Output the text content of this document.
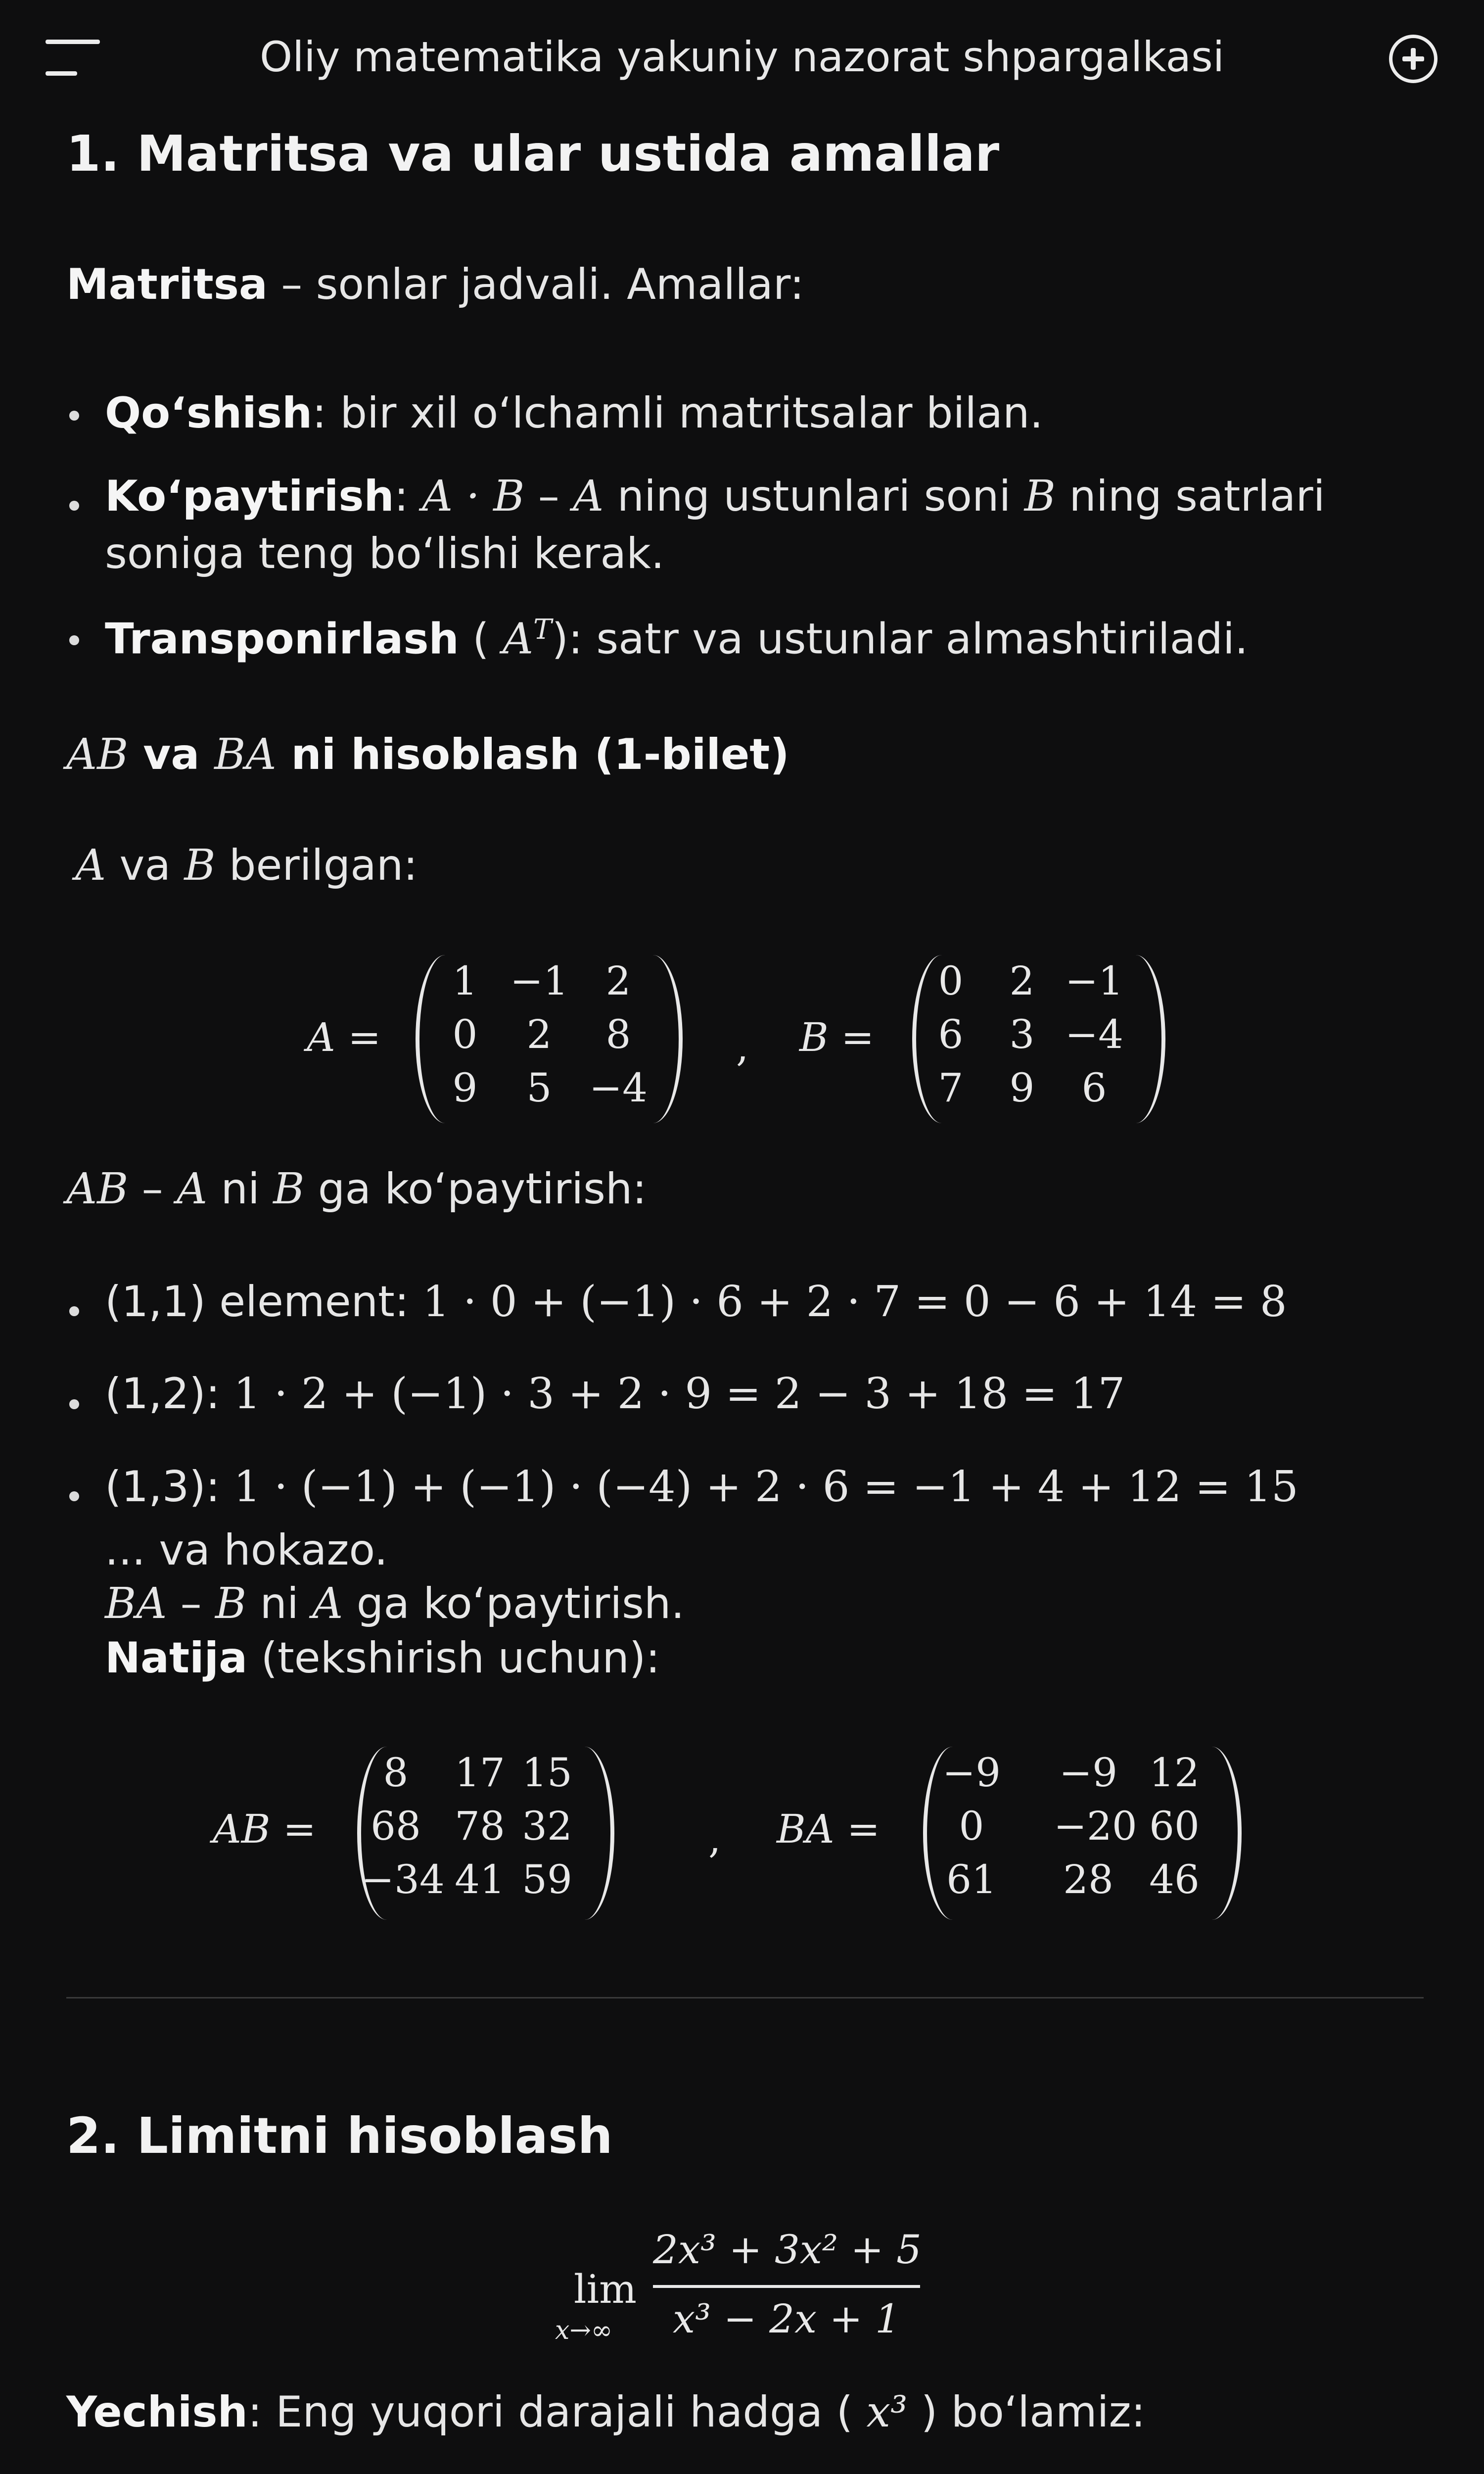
Oliy matematika yakuniy nazorat shpargalkasi
1. Matritsa va ular ustida amallar
Matritsa – sonlar jadvali. Amallar:
Qo‘shish: bir xil o‘lchamli matritsalar bilan.
Ko‘paytirish: A · B – A ning ustunlari soni B ning satrlari
soniga teng bo‘lishi kerak.
Transponirlash ( $A^T$): satr va ustunlar almashtiriladi.
AB va BA ni hisoblash (1-bilet)
A va B berilgan:
A =
1 −1 2
0	2	8
9	5 −4
, B =
0	2 −1
6	3 −4
7	9	6
AB – A ni B ga ko‘paytirish:
(1,1) element: 1 · 0 + (−1) · 6 + 2 · 7 = 0 − 6 + 14 = 8
(1,2): 1 · 2 + (−1) · 3 + 2 · 9 = 2 − 3 + 18 = 17
(1,3): 1 · (−1) + (−1) · (−4) + 2 · 6 = −1 + 4 + 12 = 15
... va hokazo.
BA – B ni A ga ko‘paytirish.
Natija (tekshirish uchun):
AB =
8	17 15
68 78 32
−34 41 59
, BA =
−9 −9 12
0	−20 60
61 28 46
2. Limitni hisoblash
lim
x→∞
2x³ + 3x² + 5
x³ − 2x + 1
Yechish: Eng yuqori darajali hadga ( x³ ) bo‘lamiz:
